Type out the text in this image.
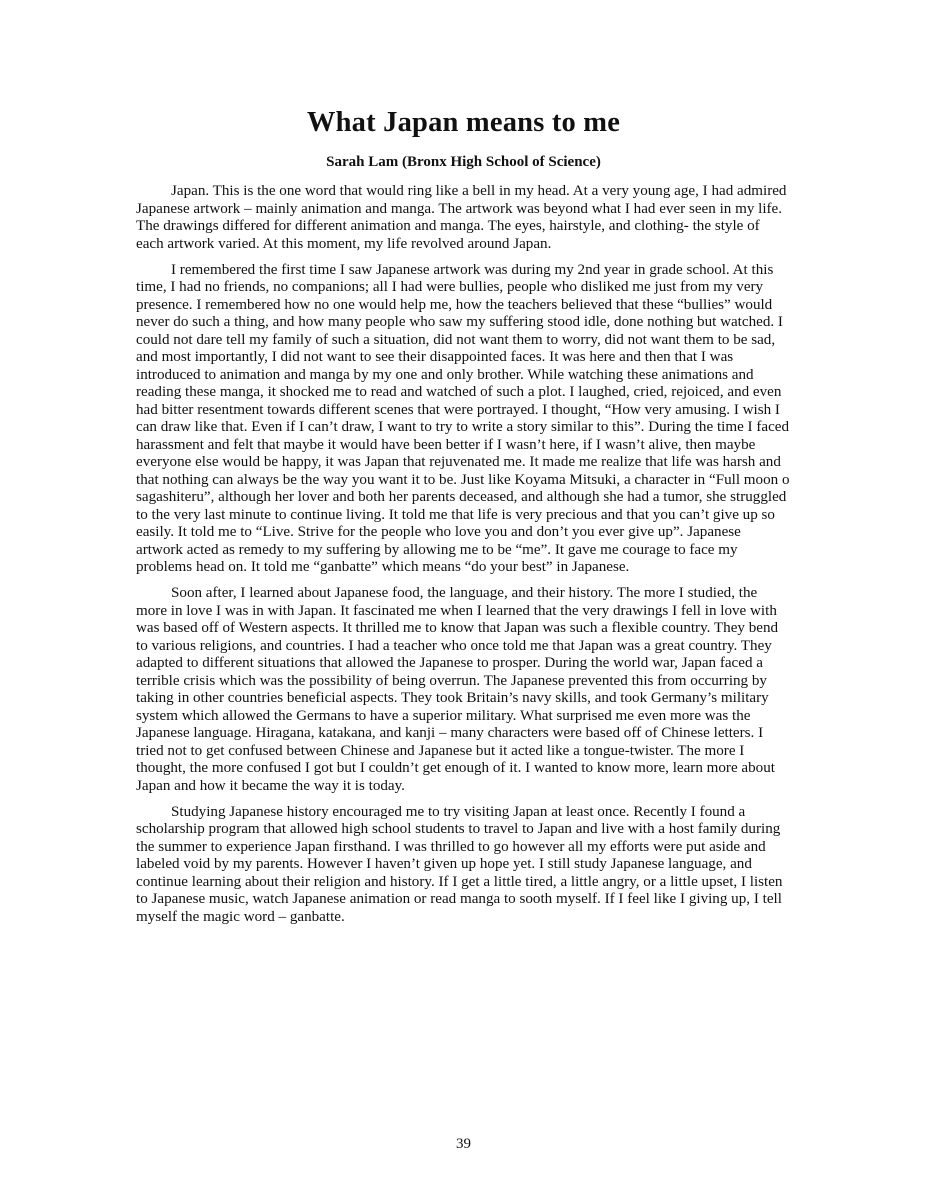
What Japan means to me
Sarah Lam (Bronx High School of Science)

Japan. This is the one word that would ring like a bell in my head. At a very young age, I had admired Japanese artwork – mainly animation and manga. The artwork was beyond what I had ever seen in my life. The drawings differed for different animation and manga. The eyes, hairstyle, and clothing- the style of each artwork varied. At this moment, my life revolved around Japan.

I remembered the first time I saw Japanese artwork was during my 2nd year in grade school. At this time, I had no friends, no companions; all I had were bullies, people who disliked me just from my very presence. I remembered how no one would help me, how the teachers believed that these “bullies” would never do such a thing, and how many people who saw my suffering stood idle, done nothing but watched. I could not dare tell my family of such a situation, did not want them to worry, did not want them to be sad, and most importantly, I did not want to see their disappointed faces. It was here and then that I was introduced to animation and manga by my one and only brother. While watching these animations and reading these manga, it shocked me to read and watched of such a plot. I laughed, cried, rejoiced, and even had bitter resentment towards different scenes that were portrayed. I thought, “How very amusing. I wish I can draw like that. Even if I can’t draw, I want to try to write a story similar to this”. During the time I faced harassment and felt that maybe it would have been better if I wasn’t here, if I wasn’t alive, then maybe everyone else would be happy, it was Japan that rejuvenated me. It made me realize that life was harsh and that nothing can always be the way you want it to be. Just like Koyama Mitsuki, a character in “Full moon o sagashiteru”, although her lover and both her parents deceased, and although she had a tumor, she struggled to the very last minute to continue living. It told me that life is very precious and that you can’t give up so easily. It told me to “Live. Strive for the people who love you and don’t you ever give up”. Japanese artwork acted as remedy to my suffering by allowing me to be “me”. It gave me courage to face my problems head on. It told me “ganbatte” which means “do your best” in Japanese.

Soon after, I learned about Japanese food, the language, and their history. The more I studied, the more in love I was in with Japan. It fascinated me when I learned that the very drawings I fell in love with was based off of Western aspects. It thrilled me to know that Japan was such a flexible country. They bend to various religions, and countries. I had a teacher who once told me that Japan was a great country. They adapted to different situations that allowed the Japanese to prosper. During the world war, Japan faced a terrible crisis which was the possibility of being overrun. The Japanese prevented this from occurring by taking in other countries beneficial aspects. They took Britain’s navy skills, and took Germany’s military system which allowed the Germans to have a superior military. What surprised me even more was the Japanese language. Hiragana, katakana, and kanji – many characters were based off of Chinese letters. I tried not to get confused between Chinese and Japanese but it acted like a tongue-twister. The more I thought, the more confused I got but I couldn’t get enough of it. I wanted to know more, learn more about Japan and how it became the way it is today.

Studying Japanese history encouraged me to try visiting Japan at least once. Recently I found a scholarship program that allowed high school students to travel to Japan and live with a host family during the summer to experience Japan firsthand. I was thrilled to go however all my efforts were put aside and labeled void by my parents. However I haven’t given up hope yet. I still study Japanese language, and continue learning about their religion and history. If I get a little tired, a little angry, or a little upset, I listen to Japanese music, watch Japanese animation or read manga to sooth myself. If I feel like I giving up, I tell myself the magic word – ganbatte.

39
